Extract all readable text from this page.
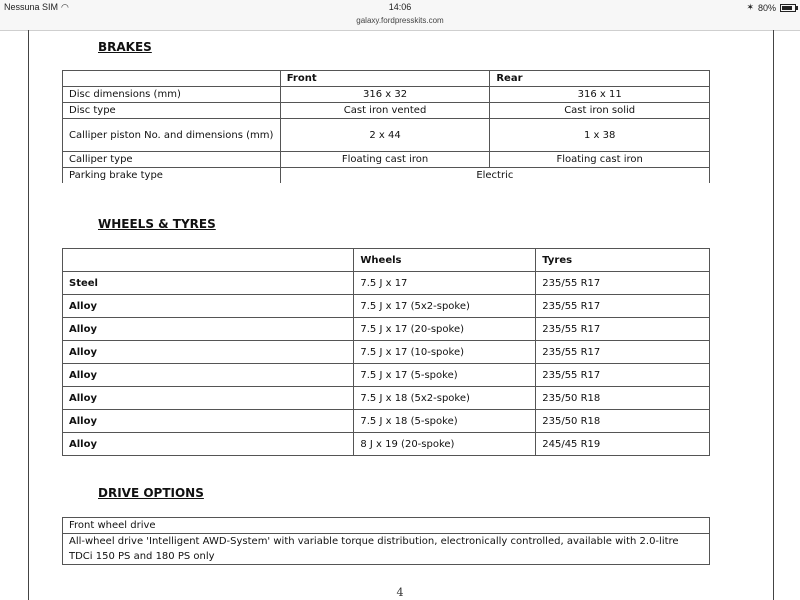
Nessuna SIM ◠	14:06
galaxy.fordpresskits.com
✶ 80%
BRAKES
	Front	Rear
Disc dimensions (mm)	316 x 32	316 x 11
Disc type	Cast iron vented	Cast iron solid
Calliper piston No. and dimensions (mm)	2 x 44	1 x 38
Calliper type	Floating cast iron	Floating cast iron
Parking brake type	Electric	
WHEELS & TYRES
	Wheels	Tyres
Steel	7.5 J x 17	235/55 R17
Alloy	7.5 J x 17 (5x2-spoke)	235/55 R17
Alloy	7.5 J x 17 (20-spoke)	235/55 R17
Alloy	7.5 J x 17 (10-spoke)	235/55 R17
Alloy	7.5 J x 17 (5-spoke)	235/55 R17
Alloy	7.5 J x 18 (5x2-spoke)	235/50 R18
Alloy	7.5 J x 18 (5-spoke)	235/50 R18
Alloy	8 J x 19 (20-spoke)	245/45 R19
DRIVE OPTIONS
Front wheel drive
All-wheel drive 'Intelligent AWD-System' with variable torque distribution, electronically controlled, available with 2.0-litre TDCi 150 PS and 180 PS only
4
